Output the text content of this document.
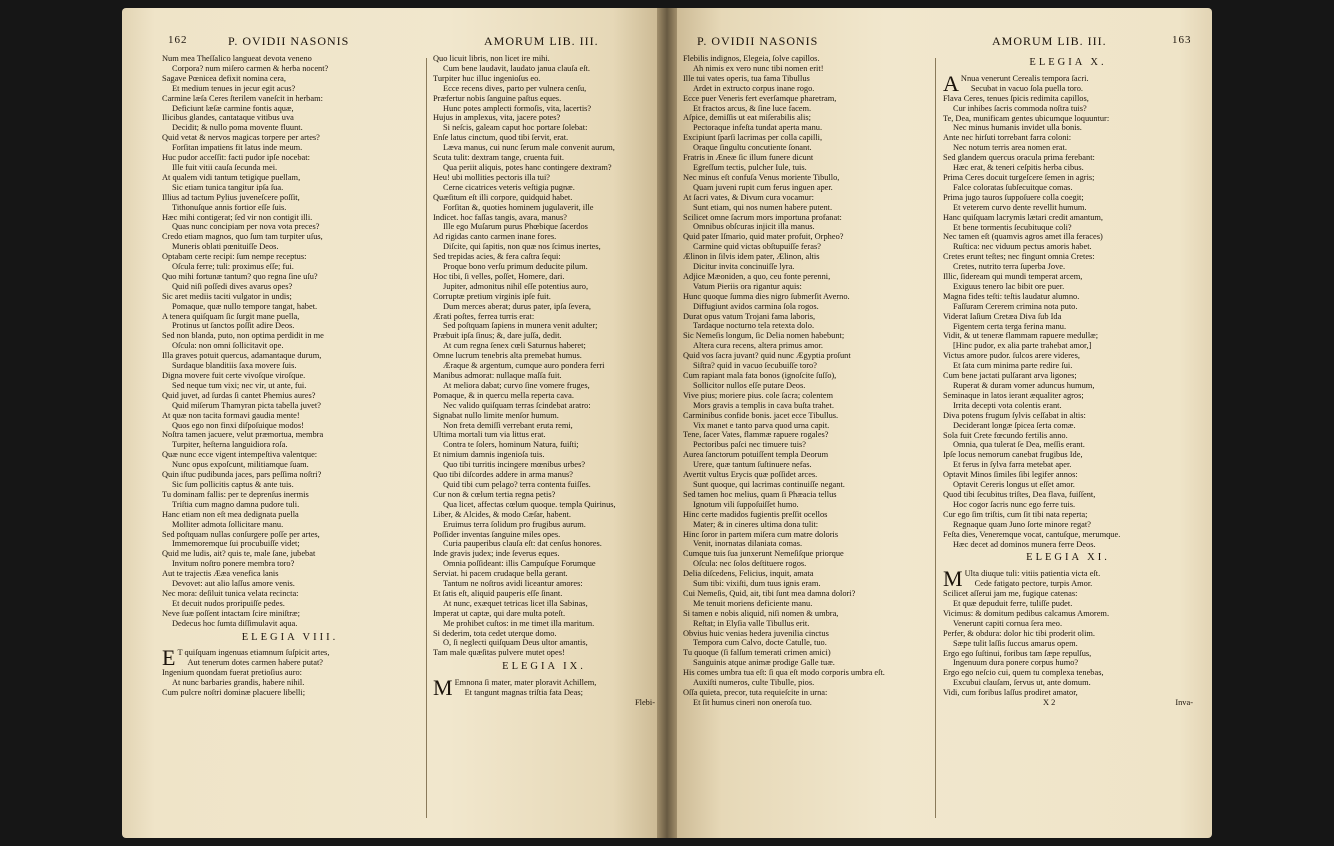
162	P. OVIDII NASONIS	AMORUM LIB. III.
Num mea Theſſalico langueat devota veneno
Corpora? num miſero carmen & herba nocent?
Sagave Pœnicea defixit nomina cera,
Et medium tenues in jecur egit acus?
Carmine læſa Ceres ſterilem vaneſcit in herbam:
Deficiunt læſæ carmine fontis aquæ,
Ilicibus glandes, cantataque vitibus uva
Decidit; & nullo poma movente fluunt.
Quid vetat & nervos magicas torpere per artes?
Forſitan impatiens fit latus inde meum.
Huc pudor acceſſit: facti pudor ipſe nocebat:
Ille fuit vitii cauſa ſecunda mei.
At qualem vidi tantum tetigique puellam,
Sic etiam tunica tangitur ipſa ſua.
Illius ad tactum Pylius juveneſcere poſſit,
Tithonuſque annis fortior eſſe ſuis.
Hæc mihi contigerat; ſed vir non contigit illi.
Quas nunc concipiam per nova vota preces?
Credo etiam magnos, quo ſum tam turpiter uſus,
Muneris oblati pœnituiſſe Deos.
Optabam certe recipi: ſum nempe receptus:
Oſcula ferre; tuli: proximus eſſe; fui.
Quo mihi fortunæ tantum? quo regna ſine uſu?
Quid niſi poſſedi dives avarus opes?
Sic aret mediis taciti vulgator in undis;
Pomaque, quæ nullo tempore tangat, habet.
A tenera quiſquam ſic ſurgit mane puella,
Protinus ut ſanctos poſſit adire Deos.
Sed non blanda, puto, non optima perdidit in me
Oſcula: non omni ſollicitavit ope.
Illa graves potuit quercus, adamantaque durum,
Surdaque blanditiis ſaxa movere ſuis.
Digna movere fuit certe vivoſque viroſque.
Sed neque tum vixi; nec vir, ut ante, fui.
Quid juvet, ad ſurdas ſi cantet Phemius aures?
Quid miſerum Thamyran picta tabella juvet?
At quæ non tacita formavi gaudia mente!
Quos ego non finxi diſpoſuique modos!
Noſtra tamen jacuere, velut præmortua, membra
Turpiter, heſterna languidiora roſa.
Quæ nunc ecce vigent intempeſtiva valentque:
Nunc opus expoſcunt, militiamque ſuam.
Quin iſtuc pudibunda jaces, pars peſſima noſtri?
Sic ſum pollicitis captus & ante tuis.
Tu dominam fallis: per te deprenſus inermis
Triſtia cum magno damna pudore tuli.
Hanc etiam non eſt mea dedignata puella
Molliter admota ſollicitare manu.
Sed poſtquam nullas conſurgere poſſe per artes,
Immemoremque ſui procubuiſſe videt;
Quid me ludis, ait? quis te, male ſane, jubebat
Invitum noſtro ponere membra toro?
Aut te trajectis Ææa venefica lanis
Devovet: aut alio laſſus amore venis.
Nec mora: deſiluit tunica velata recincta:
Et decuit nudos proripuiſſe pedes.
Neve ſuæ poſſent intactam ſcire miniſtræ;
Dedecus hoc ſumta diſſimulavit aqua.
ELEGIA VIII.
E T quiſquam ingenuas etiamnum ſuſpicit artes,
Aut tenerum dotes carmen habere putat?
Ingenium quondam fuerat pretioſius auro:
At nunc barbaries grandis, habere nihil.
Cum pulcre noſtri dominæ placuere libelli;
Quo licuit libris, non licet ire mihi.
Cum bene laudavit, laudato janua clauſa eſt.
Turpiter huc illuc ingenioſus eo.
Ecce recens dives, parto per vulnera cenſu,
Præfertur nobis ſanguine paſtus eques.
Hunc potes amplecti formoſis, vita, lacertis?
Hujus in amplexus, vita, jacere potes?
Si neſcis, galeam caput hoc portare ſolebat:
Enſe latus cinctum, quod tibi ſervit, erat.
Læva manus, cui nunc ſerum male convenit aurum,
Scuta tulit: dextram tange, cruenta fuit.
Qua periit aliquis, potes hanc contingere dextram?
Heu! ubi mollities pectoris illa tui?
Cerne cicatrices veteris veſtigia pugnæ.
Quæſitum eſt illi corpore, quidquid habet.
Forſitan &, quoties hominem jugulaverit, ille
Indicet. hoc faſſas tangis, avara, manus?
Ille ego Muſarum purus Phœbique ſacerdos
Ad rigidas canto carmen inane fores.
Diſcite, qui ſapitis, non quæ nos ſcimus inertes,
Sed trepidas acies, & fera caſtra ſequi:
Proque bono verſu primum deducite pilum.
Hoc tibi, ſi velles, poſſet, Homere, dari.
Jupiter, admonitus nihil eſſe potentius auro,
Corruptæ pretium virginis ipſe fuit.
Dum merces aberat; durus pater, ipſa ſevera,
Ærati poſtes, ferrea turris erat:
Sed poſtquam ſapiens in munera venit adulter;
Præbuit ipſa ſinus; &, dare juſſa, dedit.
At cum regna ſenex cœli Saturnus haberet;
Omne lucrum tenebris alta premebat humus.
Æraque & argentum, cumque auro pondera ferri
Manibus admorat: nullaque maſſa fuit.
At meliora dabat; curvo ſine vomere fruges,
Pomaque, & in quercu mella reperta cava.
Nec valido quiſquam terras ſcindebat aratro:
Signabat nullo limite menſor humum.
Non freta demiſſi verrebant eruta remi,
Ultima mortali tum via littus erat.
Contra te ſolers, hominum Natura, fuiſti;
Et nimium damnis ingenioſa tuis.
Quo tibi turritis incingere mœnibus urbes?
Quo tibi diſcordes addere in arma manus?
Quid tibi cum pelago? terra contenta fuiſſes.
Cur non & cœlum tertia regna petis?
Qua licet, affectas cœlum quoque. templa Quirinus,
Liber, & Alcides, & modo Cæſar, habent.
Eruimus terra ſolidum pro frugibus aurum.
Poſſider inventas ſanguine miles opes.
Curia pauperibus clauſa eſt: dat cenſus honores.
Inde gravis judex; inde ſeverus eques.
Omnia poſſideant: illis Campuſque Forumque
Serviat. hi pacem crudaque bella gerant.
Tantum ne noſtros avidi liceantur amores:
Et ſatis eſt, aliquid pauperis eſſe ſinant.
At nunc, exæquet tetricas licet illa Sabinas,
Imperat ut captæ, qui dare multa poteſt.
Me prohibet cuſtos: in me timet illa maritum.
Si dederim, tota cedet uterque domo.
O, ſi neglecti quiſquam Deus ultor amantis,
Tam male quæſitas pulvere mutet opes!
ELEGIA IX.
M Emnona ſi mater, mater ploravit Achillem,
Et tangunt magnas triſtia fata Deas;
Flebi-
P. OVIDII NASONIS	AMORUM LIB. III.	163
Flebilis indignos, Elegeia, ſolve capillos.
Ah nimis ex vero nunc tibi nomen erit!
Ille tui vates operis, tua fama Tibullus
Ardet in extructo corpus inane rogo.
Ecce puer Veneris fert everſamque pharetram,
Et fractos arcus, & ſine luce facem.
Aſpice, demiſſis ut eat miſerabilis alis;
Pectoraque infeſta tundat aperta manu.
Excipiunt ſparſi lacrimas per colla capilli,
Oraque ſingultu concutiente ſonant.
Fratris in Æneæ ſic illum funere dicunt
Egreſſum tectis, pulcher Iule, tuis.
Nec minus eſt confuſa Venus moriente Tibullo,
Quam juveni rupit cum ferus inguen aper.
At ſacri vates, & Divum cura vocamur:
Sunt etiam, qui nos numen habere putent.
Scilicet omne ſacrum mors importuna profanat:
Omnibus obſcuras injicit illa manus.
Quid pater Iſmario, quid mater profuit, Orpheo?
Carmine quid victas obſtupuiſſe feras?
Ælinon in ſilvis idem pater, Ælinon, altis
Dicitur invita concinuiſſe lyra.
Adjice Mæoniden, a quo, ceu fonte perenni,
Vatum Pieriis ora rigantur aquis:
Hunc quoque ſumma dies nigro ſubmerſit Averno.
Diffugiunt avidos carmina ſola rogos.
Durat opus vatum Trojani fama laboris,
Tardaque nocturno tela retexta dolo.
Sic Nemeſis longum, ſic Delia nomen habebunt;
Altera cura recens, altera primus amor.
Quid vos ſacra juvant? quid nunc Ægyptia proſunt
Siſtra? quid in vacuo ſecubuiſſe toro?
Cum rapiant mala fata bonos (ignoſcite ſuſſo),
Sollicitor nullos eſſe putare Deos.
Vive pius; moriere pius. cole ſacra; colentem
Mors gravis a templis in cava buſta trahet.
Carminibus confide bonis. jacet ecce Tibullus.
Vix manet e tanto parva quod urna capit.
Tene, ſacer Vates, flammæ rapuere rogales?
Pectoribus paſci nec timuere tuis?
Aurea ſanctorum potuiſſent templa Deorum
Urere, quæ tantum ſuſtinuere nefas.
Avertit vultus Erycis quæ poſſidet arces.
Sunt quoque, qui lacrimas continuiſſe negant.
Sed tamen hoc melius, quam ſi Phæacia tellus
Ignotum vili ſuppoſuiſſet humo.
Hinc certe madidos fugientis preſſit ocellos
Mater; & in cineres ultima dona tulit:
Hinc ſoror in partem miſera cum matre doloris
Venit, inornatas dilaniata comas.
Cumque tuis ſua junxerunt Nemeſiſque priorque
Oſcula: nec ſolos deſtituere rogos.
Delia diſcedens, Felicius, inquit, amata
Sum tibi: vixiſti, dum tuus ignis eram.
Cui Nemeſis, Quid, ait, tibi ſunt mea damna dolori?
Me tenuit moriens deficiente manu.
Si tamen e nobis aliquid, niſi nomen & umbra,
Reſtat; in Elyſia valle Tibullus erit.
Obvius huic venias hedera juvenilia cinctus
Tempora cum Calvo, docte Catulle, tuo.
Tu quoque (ſi falſum temerati crimen amici)
Sanguinis atque animæ prodige Galle tuæ.
His comes umbra tua eſt: ſi qua eſt modo corporis umbra eſt.
Auxiſti numeros, culte Tibulle, pios.
Oſſa quieta, precor, tuta requieſcite in urna:
Et ſit humus cineri non oneroſa tuo.
ELEGIA X.
A Nnua venerunt Cerealis tempora ſacri.
Secubat in vacuo ſola puella toro.
Flava Ceres, tenues ſpicis redimita capillos,
Cur inhibes ſacris commoda noſtra tuis?
Te, Dea, munificam gentes ubicumque loquuntur:
Nec minus humanis invidet ulla bonis.
Ante nec hirſuti torrebant farra coloni:
Nec notum terris area nomen erat.
Sed glandem quercus oracula prima ferebant:
Hæc erat, & teneri ceſpitis herba cibus.
Prima Ceres docuit turgeſcere ſemen in agris;
Falce coloratas ſubſecuitque comas.
Prima jugo tauros ſuppoſuere colla coegit;
Et veterem curvo dente revellit humum.
Hanc quiſquam lacrymis lætari credit amantum,
Et bene tormentis ſecubituque coli?
Nec tamen eſt (quamvis agros amet illa feraces)
Ruſtica: nec viduum pectus amoris habet.
Cretes erunt teſtes; nec fingunt omnia Cretes:
Cretes, nutrito terra ſuperba Jove.
Illic, ſideream qui mundi temperat arcem,
Exiguus tenero lac bibit ore puer.
Magna fides teſti: teſtis laudatur alumno.
Faſſuram Cererem crimina nota puto.
Viderat Iaſium Cretæa Diva ſub Ida
Figentem certa terga ferina manu.
Vidit, & ut teneræ flammam rapuere medullæ;
[Hinc pudor, ex alia parte trahebat amor,]
Victus amore pudor. ſulcos arere videres,
Et ſata cum minima parte redire ſui.
Cum bene jactati pulſarant arva ligones;
Ruperat & duram vomer aduncus humum,
Seminaque in latos ierant æqualiter agros;
Irrita decepti vota colentis erant.
Diva potens frugum ſylvis ceſſabat in altis:
Deciderant longæ ſpicea ſerta comæ.
Sola fuit Crete fœcundo fertilis anno.
Omnia, qua tulerat ſe Dea, meſſis erant.
Ipſe locus nemorum canebat frugibus Ide,
Et ferus in ſylva farra metebat aper.
Optavit Minos ſimiles ſibi legifer annos:
Optavit Cereris longus ut eſſet amor.
Quod tibi ſecubitus triſtes, Dea flava, fuiſſent,
Hoc cogor ſacris nunc ego ferre tuis.
Cur ego ſim triſtis, cum ſit tibi nata reperta;
Regnaque quam Juno ſorte minore regat?
Feſta dies, Veneremque vocat, cantuſque, merumque.
Hæc decet ad dominos munera ferre Deos.
ELEGIA XI.
M Ulta diuque tuli: vitiis patientia victa eſt.
Cede fatigato pectore, turpis Amor.
Scilicet aſſerui jam me, fugique catenas:
Et quæ depuduit ferre, tuliſſe pudet.
Vicimus: & domitum pedibus calcamus Amorem.
Venerunt capiti cornua ſera meo.
Perfer, & obdura: dolor hic tibi proderit olim.
Sæpe tulit laſſis ſuccus amarus opem.
Ergo ego ſuſtinui, foribus tam ſæpe repulſus,
Ingenuum dura ponere corpus humo?
Ergo ego neſcio cui, quem tu complexa tenebas,
Excubui clauſam, ſervus ut, ante domum.
Vidi, cum foribus laſſus prodiret amator,
X 2	Inva-
